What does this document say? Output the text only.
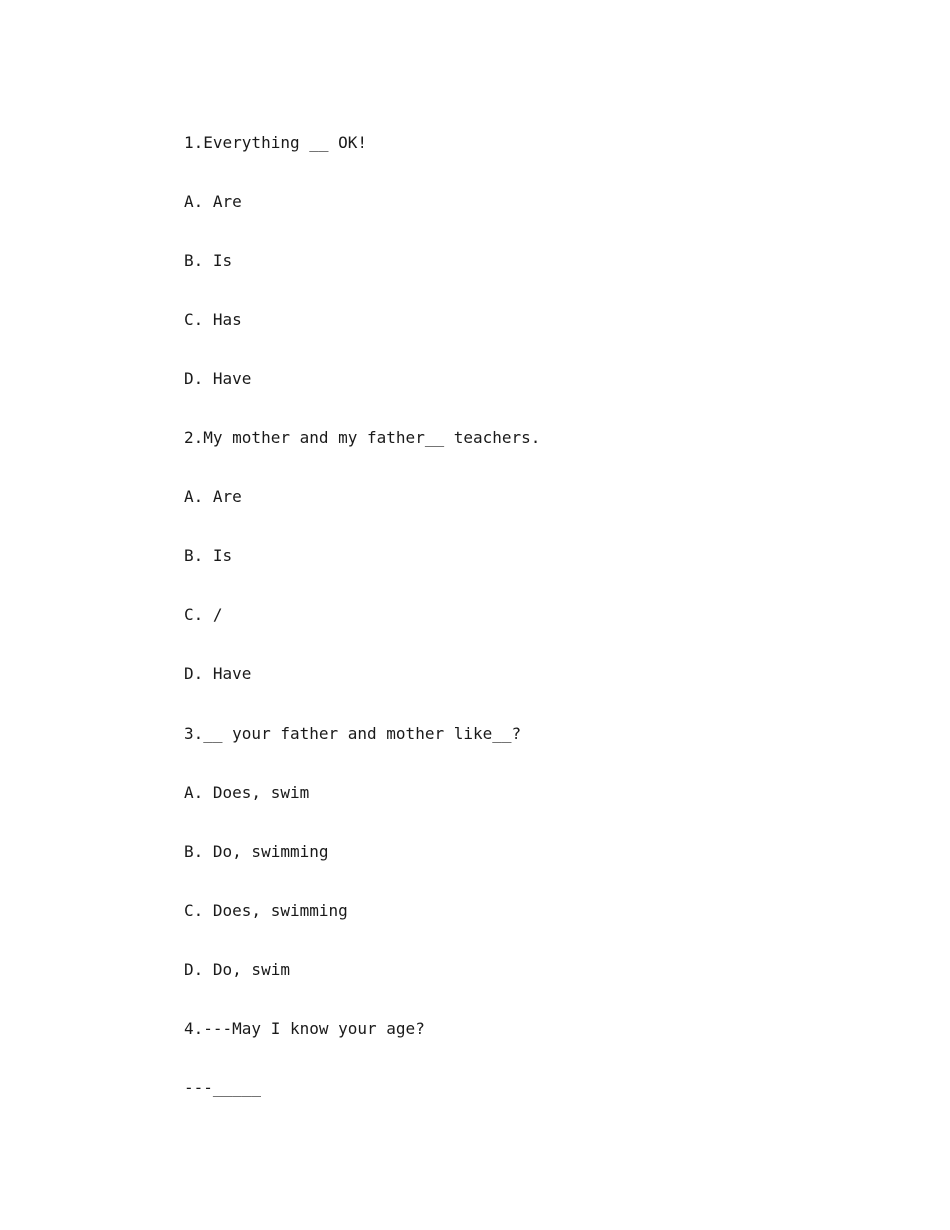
1.Everything __ OK!
A. Are
B. Is
C. Has
D. Have
2.My mother and my father__ teachers.
A. Are
B. Is
C. /
D. Have
3.__ your father and mother like__?
A. Does, swim
B. Do, swimming
C. Does, swimming
D. Do, swim
4.---May I know your age?
---_____
